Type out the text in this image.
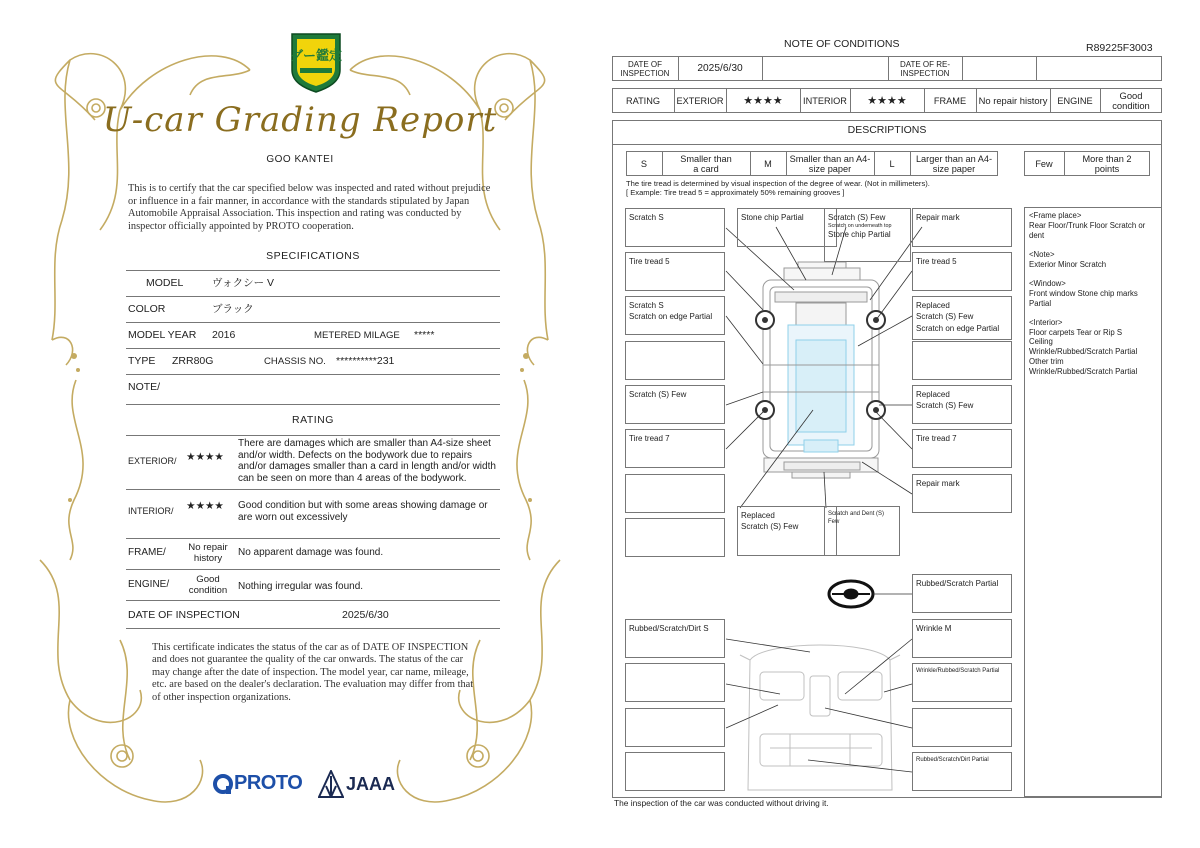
グー鑑定
U-car Grading Report
GOO KANTEI
This is to certify that the car specified below was inspected and rated without prejudice or influence in a fair manner, in accordance with the standards stipulated by Japan Automobile Appraisal Association. This inspection and rating was conducted by inspector officially appointed by PROTO cooperation.
SPECIFICATIONS
MODEL	ヴォクシー V
COLOR	ブラック
MODEL YEAR 2016	METERED MILAGE *****
TYPE ZRR80G	CHASSIS NO. **********231
NOTE/
RATING
EXTERIOR/ ★★★★
There are damages which are smaller than A4-size sheet and/or width. Defects on the bodywork due to repairs and/or damages smaller than a card in length and/or width can be seen on more than 4 areas of the bodywork.
INTERIOR/	★★★★	Good condition but with some areas showing damage or are worn out excessively
FRAME/	No repair history
No apparent damage was found.
ENGINE/	Good condition	Nothing irregular was found.
DATE OF INSPECTION	2025/6/30
This certificate indicates the status of the car as of DATE OF INSPECTION and does not guarantee the quality of the car onwards. The status of the car may change after the date of inspection. The model year, car name, mileage, etc. are based on the dealer's declaration. The evaluation may differ from that of other inspection organizations.
PROTO JAAA
NOTE OF CONDITIONS	R89225F3003
DATE OF INSPECTION	2025/6/30	DATE OF RE-INSPECTION
RATING	EXTERIOR	★★★★	INTERIOR	★★★★	FRAME	No repair history	ENGINE	Good condition
DESCRIPTIONS
S	Smaller than a card	M	Smaller than an A4-size paper	L	Larger than an A4-size paper	Few	More than 2 points
The tire tread is determined by visual inspection of the degree of wear. (Not in millimeters).
[ Example: Tire tread 5 = approximately 50% remaining grooves ]
Scratch S
Tire tread 5
Scratch S
Scratch on edge Partial
Scratch (S) Few
Tire tread 7
Stone chip Partial	Scratch (S) Few
Scratch on underneath top
Stone chip Partial
Repair mark
Tire tread 5
Replaced
Scratch (S) Few
Scratch on edge Partial
Replaced
Scratch (S) Few
Tire tread 7
Repair mark
Replaced
Scratch (S) Few
Scratch and Dent (S) Few
Rubbed/Scratch Partial
Rubbed/Scratch/Dirt S	Wrinkle M
Wrinkle/Rubbed/Scratch Partial
Rubbed/Scratch/Dirt Partial
<Frame place>
Rear Floor/Trunk Floor Scratch or dent
<Note>
Exterior Minor Scratch
<Window>
Front window Stone chip marks Partial
<Interior>
Floor carpets Tear or Rip S
Ceiling
Wrinkle/Rubbed/Scratch Partial
Other trim
Wrinkle/Rubbed/Scratch Partial
The inspection of the car was conducted without driving it.
